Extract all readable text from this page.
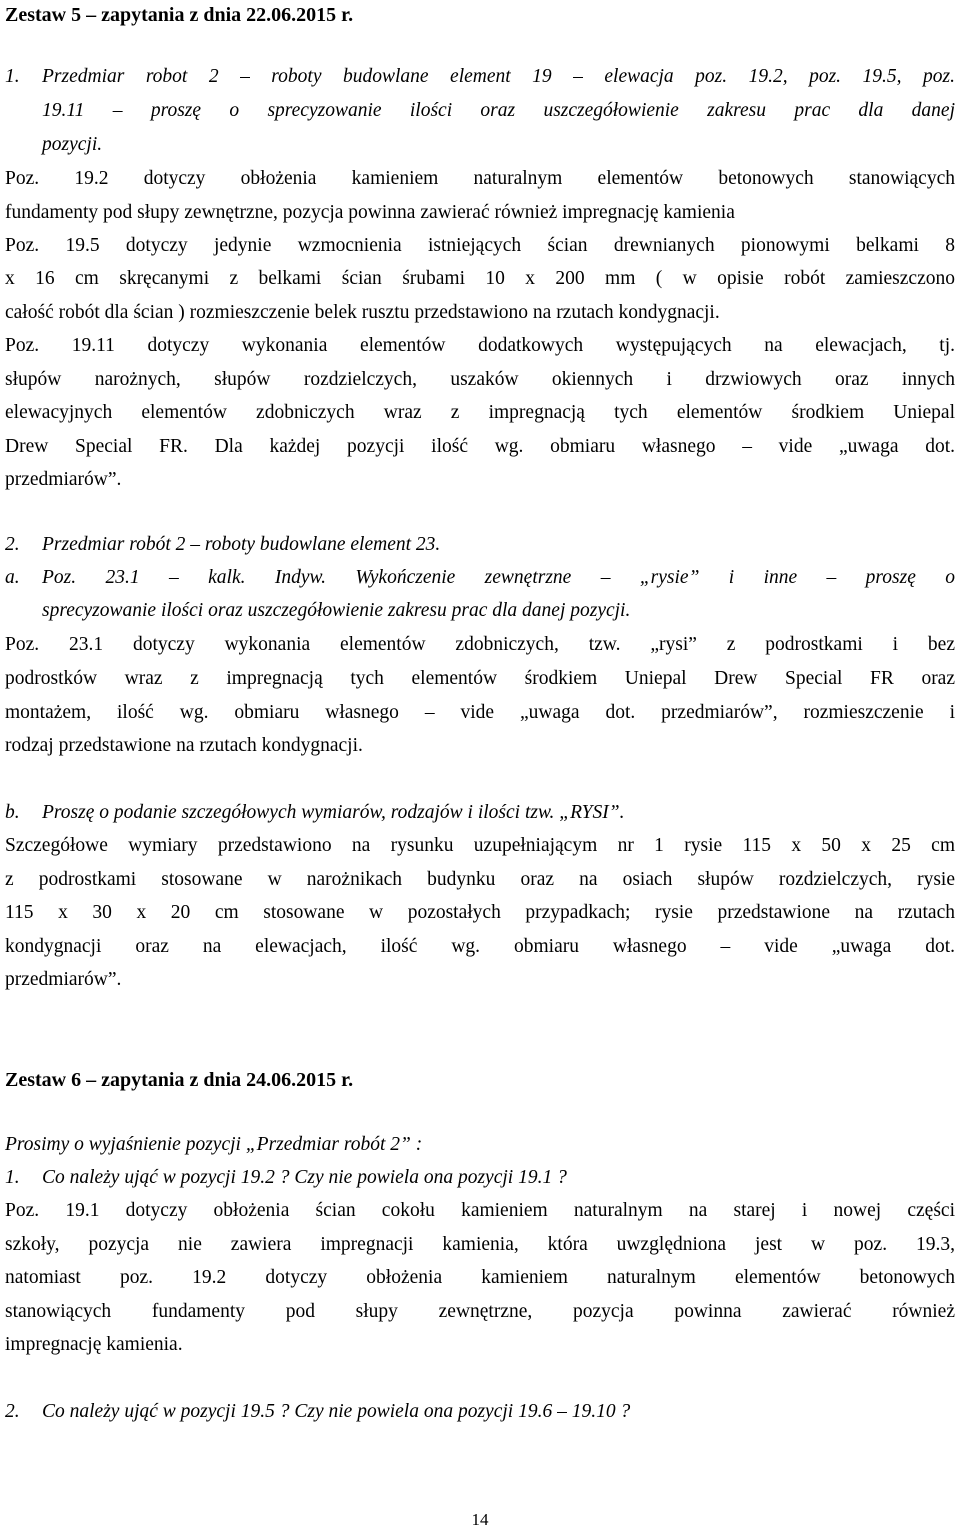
Zestaw 5 – zapytania z dnia 22.06.2015 r.
1. Przedmiar robot 2 – roboty budowlane element 19 – elewacja poz. 19.2, poz. 19.5, poz.
19.11 – proszę o sprecyzowanie ilości oraz uszczegółowienie zakresu prac dla danej
pozycji.
Poz. 19.2 dotyczy obłożenia kamieniem naturalnym elementów betonowych stanowiących
fundamenty pod słupy zewnętrzne, pozycja powinna zawierać również impregnację kamienia
Poz. 19.5 dotyczy jedynie wzmocnienia istniejących ścian drewnianych pionowymi belkami 8
x 16 cm skręcanymi z belkami ścian śrubami 10 x 200 mm ( w opisie robót zamieszczono
całość robót dla ścian ) rozmieszczenie belek rusztu przedstawiono na rzutach kondygnacji.
Poz. 19.11 dotyczy wykonania elementów dodatkowych występujących na elewacjach, tj.
słupów narożnych, słupów rozdzielczych, uszaków okiennych i drzwiowych oraz innych
elewacyjnych elementów zdobniczych wraz z impregnacją tych elementów środkiem Uniepal
Drew Special FR. Dla każdej pozycji ilość wg. obmiaru własnego – vide „uwaga dot.
przedmiarów”.
2. Przedmiar robót 2 – roboty budowlane element 23.
a. Poz. 23.1 – kalk. Indyw. Wykończenie zewnętrzne – „rysie” i inne – proszę o
sprecyzowanie ilości oraz uszczegółowienie zakresu prac dla danej pozycji.
Poz. 23.1 dotyczy wykonania elementów zdobniczych, tzw. „rysi” z podrostkami i bez
podrostków wraz z impregnacją tych elementów środkiem Uniepal Drew Special FR oraz
montażem, ilość wg. obmiaru własnego – vide „uwaga dot. przedmiarów”, rozmieszczenie i
rodzaj przedstawione na rzutach kondygnacji.
b. Proszę o podanie szczegółowych wymiarów, rodzajów i ilości tzw. „RYSI”.
Szczegółowe wymiary przedstawiono na rysunku uzupełniającym nr 1 rysie 115 x 50 x 25 cm
z podrostkami stosowane w narożnikach budynku oraz na osiach słupów rozdzielczych, rysie
115 x 30 x 20 cm stosowane w pozostałych przypadkach; rysie przedstawione na rzutach
kondygnacji oraz na elewacjach, ilość wg. obmiaru własnego – vide „uwaga dot.
przedmiarów”.
Zestaw 6 – zapytania z dnia 24.06.2015 r.
Prosimy o wyjaśnienie pozycji „Przedmiar robót 2” :
1. Co należy ująć w pozycji 19.2 ? Czy nie powiela ona pozycji 19.1 ?
Poz. 19.1 dotyczy obłożenia ścian cokołu kamieniem naturalnym na starej i nowej części
szkoły, pozycja nie zawiera impregnacji kamienia, która uwzględniona jest w poz. 19.3,
natomiast poz. 19.2 dotyczy obłożenia kamieniem naturalnym elementów betonowych
stanowiących fundamenty pod słupy zewnętrzne, pozycja powinna zawierać również
impregnację kamienia.
2. Co należy ująć w pozycji 19.5 ? Czy nie powiela ona pozycji 19.6 – 19.10 ?
14
